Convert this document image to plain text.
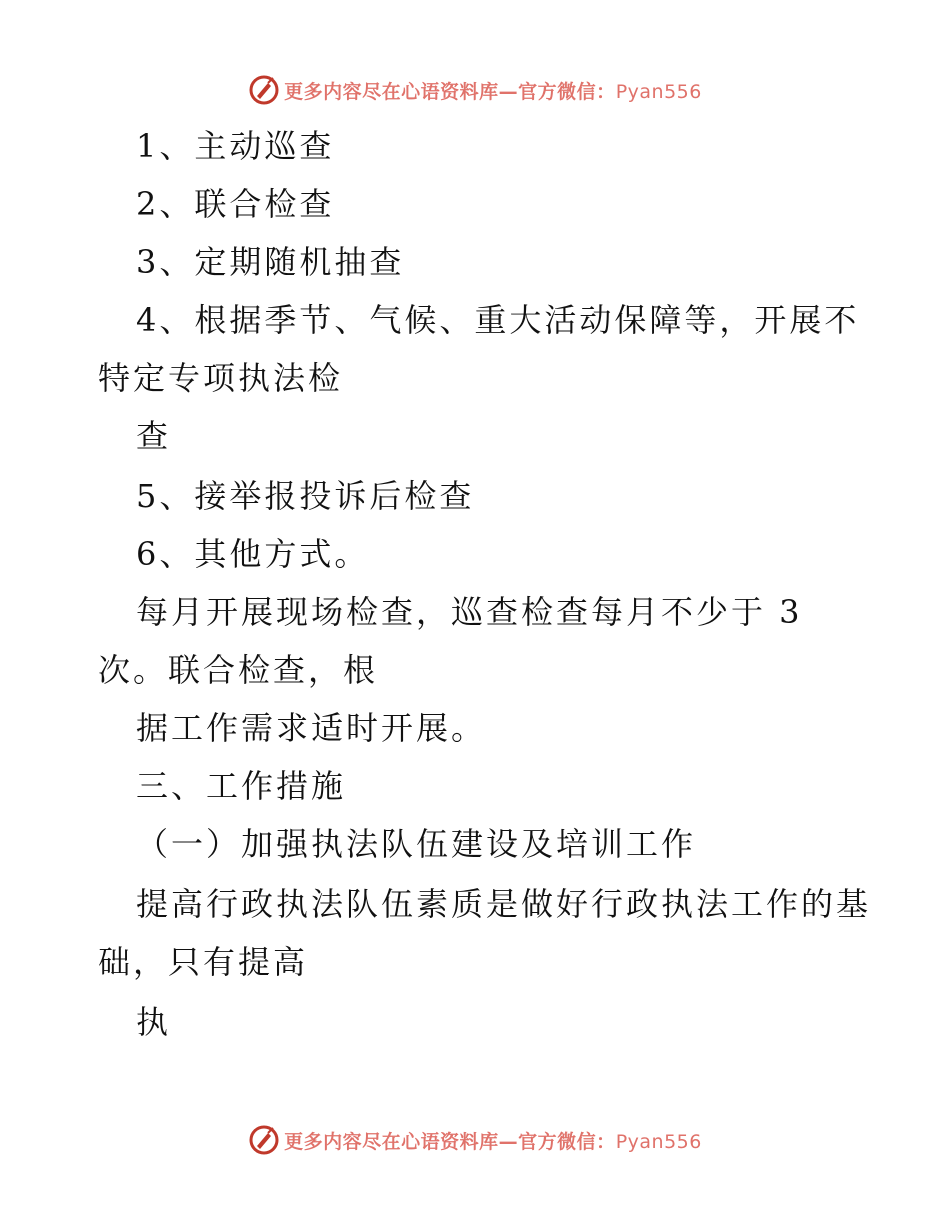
更多内容尽在心语资料库—官方微信：Pyan556
1、主动巡查
2、联合检查
3、定期随机抽查
4、根据季节、气候、重大活动保障等，开展不
特定专项执法检
查
5、接举报投诉后检查
6、其他方式。
每月开展现场检查，巡查检查每月不少于 3
次。联合检查，根
据工作需求适时开展。
三、工作措施
（一）加强执法队伍建设及培训工作
提高行政执法队伍素质是做好行政执法工作的基
础，只有提高
执
更多内容尽在心语资料库—官方微信：Pyan556
